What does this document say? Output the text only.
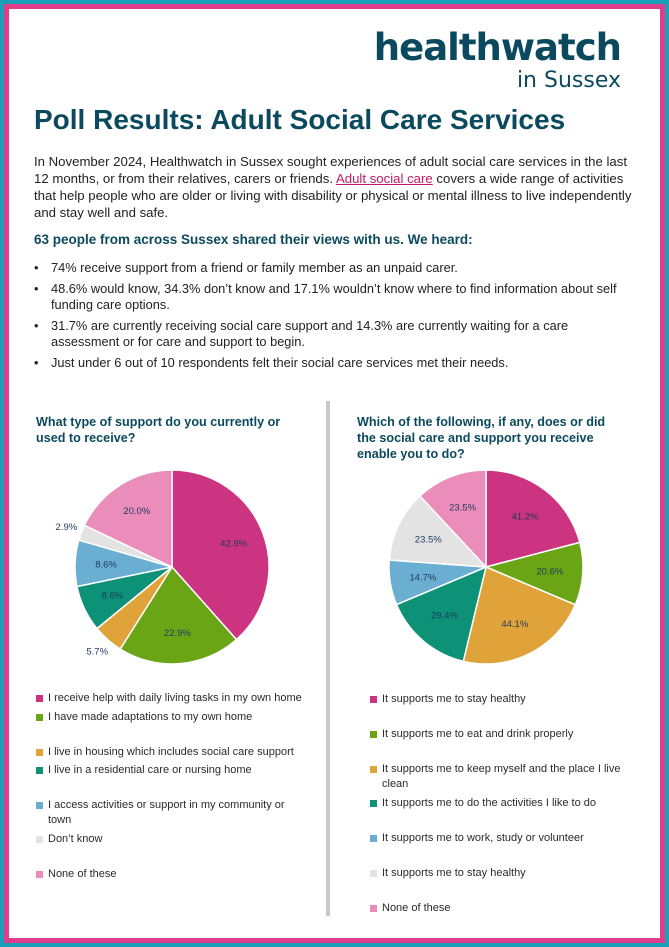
healthwatch
in Sussex
Poll Results: Adult Social Care Services
In November 2024, Healthwatch in Sussex sought experiences of adult social care services in the last 12 months, or from their relatives, carers or friends. Adult social care covers a wide range of activities that help people who are older or living with disability or physical or mental illness to live independently and stay well and safe.
63 people from across Sussex shared their views with us. We heard:
• 74% receive support from a friend or family member as an unpaid carer.
• 48.6% would know, 34.3% don’t know and 17.1% wouldn’t know where to find information about self funding care options.
• 31.7% are currently receiving social care support and 14.3% are currently waiting for a care assessment or for care and support to begin.
• Just under 6 out of 10 respondents felt their social care services met their needs.
What type of support do you currently or used to receive?
Which of the following, if any, does or did the social care and support you receive enable you to do?
42.9%
22.9%
5.7%
8.6%
8.6%
2.9%
20.0%	41.2%
20.6%
44.1%
29.4%
14.7%
23.5%
23.5%
I receive help with daily living tasks in my own home
I have made adaptations to my own home
I live in housing which includes social care support
I live in a residential care or nursing home
I access activities or support in my community or town
Don’t know
None of these
It supports me to stay healthy
It supports me to eat and drink properly
It supports me to keep myself and the place I live clean
It supports me to do the activities I like to do
It supports me to work, study or volunteer
It supports me to stay healthy
None of these
